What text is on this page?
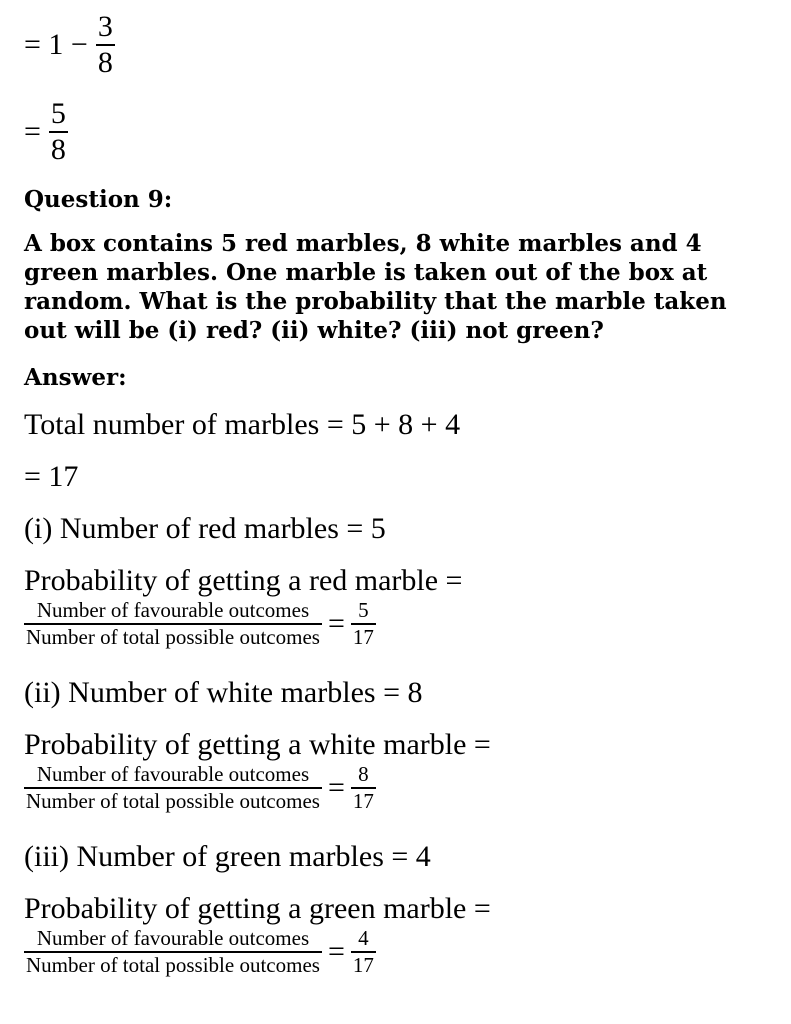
= $1 - \frac{3}{8}$
= $\frac{5}{8}$
Question 9:
A box contains 5 red marbles, 8 white marbles and 4
green marbles. One marble is taken out of the box at
random. What is the probability that the marble taken
out will be (i) red? (ii) white? (iii) not green?
Answer:
Total number of marbles = 5 + 8 + 4
= 17
(i) Number of red marbles = 5
Probability of getting a red marble =
$\frac{\text{Number of favourable outcomes}}{\text{Number of total possible outcomes}} = \frac{5}{17}$
(ii) Number of white marbles = 8
Probability of getting a white marble =
$\frac{\text{Number of favourable outcomes}}{\text{Number of total possible outcomes}} = \frac{8}{17}$
(iii) Number of green marbles = 4
Probability of getting a green marble =
$\frac{\text{Number of favourable outcomes}}{\text{Number of total possible outcomes}} = \frac{4}{17}$
